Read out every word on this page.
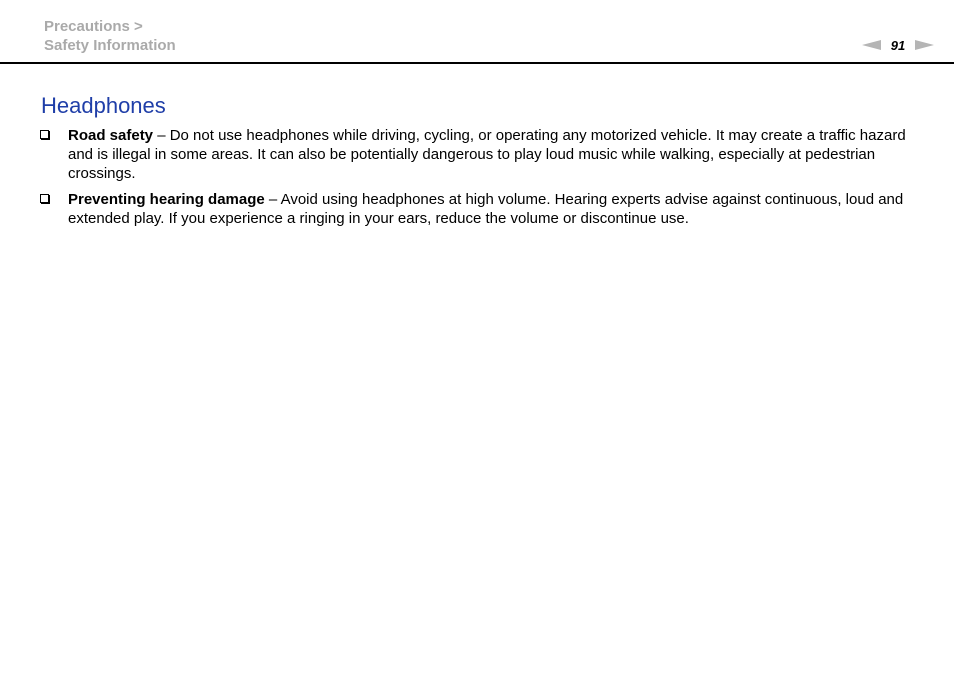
Precautions >
Safety Information	91
Headphones
Road safety – Do not use headphones while driving, cycling, or operating any motorized vehicle. It may create a traffic hazard and is illegal in some areas. It can also be potentially dangerous to play loud music while walking, especially at pedestrian crossings.
Preventing hearing damage – Avoid using headphones at high volume. Hearing experts advise against continuous, loud and extended play. If you experience a ringing in your ears, reduce the volume or discontinue use.
